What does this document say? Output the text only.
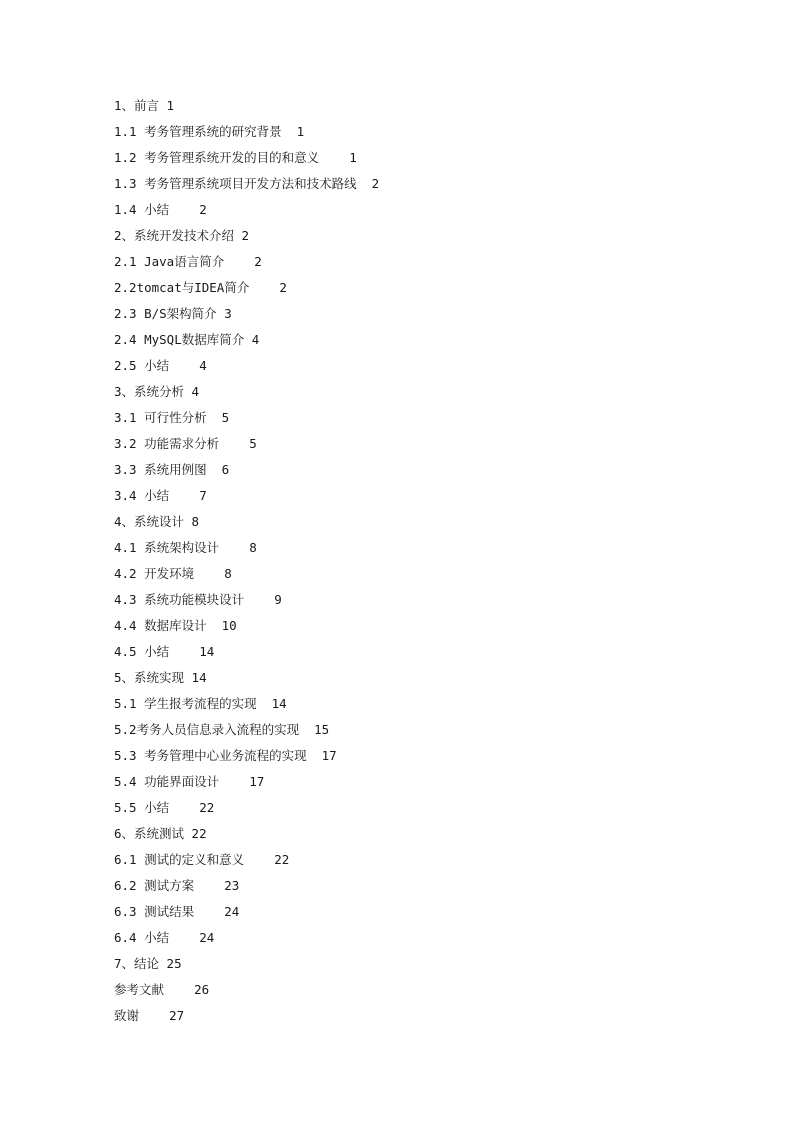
1、前言 1
1.1 考务管理系统的研究背景  1
1.2 考务管理系统开发的目的和意义    1
1.3 考务管理系统项目开发方法和技术路线  2
1.4 小结    2
2、系统开发技术介绍 2
2.1 Java语言简介    2
2.2tomcat与IDEA简介    2
2.3 B/S架构简介 3
2.4 MySQL数据库简介 4
2.5 小结    4
3、系统分析 4
3.1 可行性分析  5
3.2 功能需求分析    5
3.3 系统用例图  6
3.4 小结    7
4、系统设计 8
4.1 系统架构设计    8
4.2 开发环境    8
4.3 系统功能模块设计    9
4.4 数据库设计  10
4.5 小结    14
5、系统实现 14
5.1 学生报考流程的实现  14
5.2考务人员信息录入流程的实现  15
5.3 考务管理中心业务流程的实现  17
5.4 功能界面设计    17
5.5 小结    22
6、系统测试 22
6.1 测试的定义和意义    22
6.2 测试方案    23
6.3 测试结果    24
6.4 小结    24
7、结论 25
参考文献    26
致谢    27
